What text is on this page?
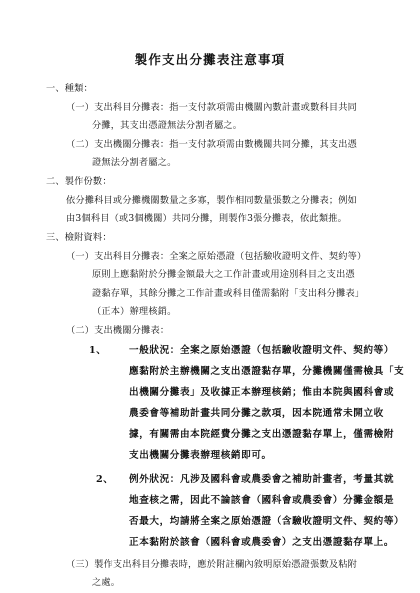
製作支出分攤表注意事項
一、種類：
（一）支出科目分攤表：指一支付款項需由機關內數計畫或數科目共同
分攤，其支出憑證無法分割者屬之。
（二）支出機關分攤表：指一支付款項需由數機關共同分攤，其支出憑
證無法分割者屬之。
二、製作份數：
依分攤科目或分攤機關數量之多寡，製作相同數量張數之分攤表；例如
由3個科目（或3個機關）共同分攤，則製作3張分攤表，依此類推。
三、檢附資料：
（一）支出科目分攤表：全案之原始憑證（包括驗收證明文件、契約等）
原則上應黏附於分攤金額最大之工作計畫或用途別科目之支出憑
證黏存單，其餘分攤之工作計畫或科目僅需黏附「支出科分攤表」
（正本）辦理核銷。
（二）支出機關分攤表：
1、 一般狀況：全案之原始憑證（包括驗收證明文件、契約等）
應黏附於主辦機關之支出憑證黏存單，分攤機關僅需檢具「支
出機關分攤表」及收據正本辦理核銷；惟由本院與國科會或
農委會等補助計畫共同分攤之款項，因本院通常未開立收
據，有關需由本院經費分攤之支出憑證黏存單上，僅需檢附
支出機關分攤表辦理核銷即可。
2、 例外狀況：凡涉及國科會或農委會之補助計畫者，考量其就
地查核之需，因此不論該會（國科會或農委會）分攤金額是
否最大，均請將全案之原始憑證（含驗收證明文件、契約等）
正本黏附於該會（國科會或農委會）之支出憑證黏存單上。
（三）製作支出科目分攤表時，應於附註欄內敘明原始憑證張數及粘附
之處。
